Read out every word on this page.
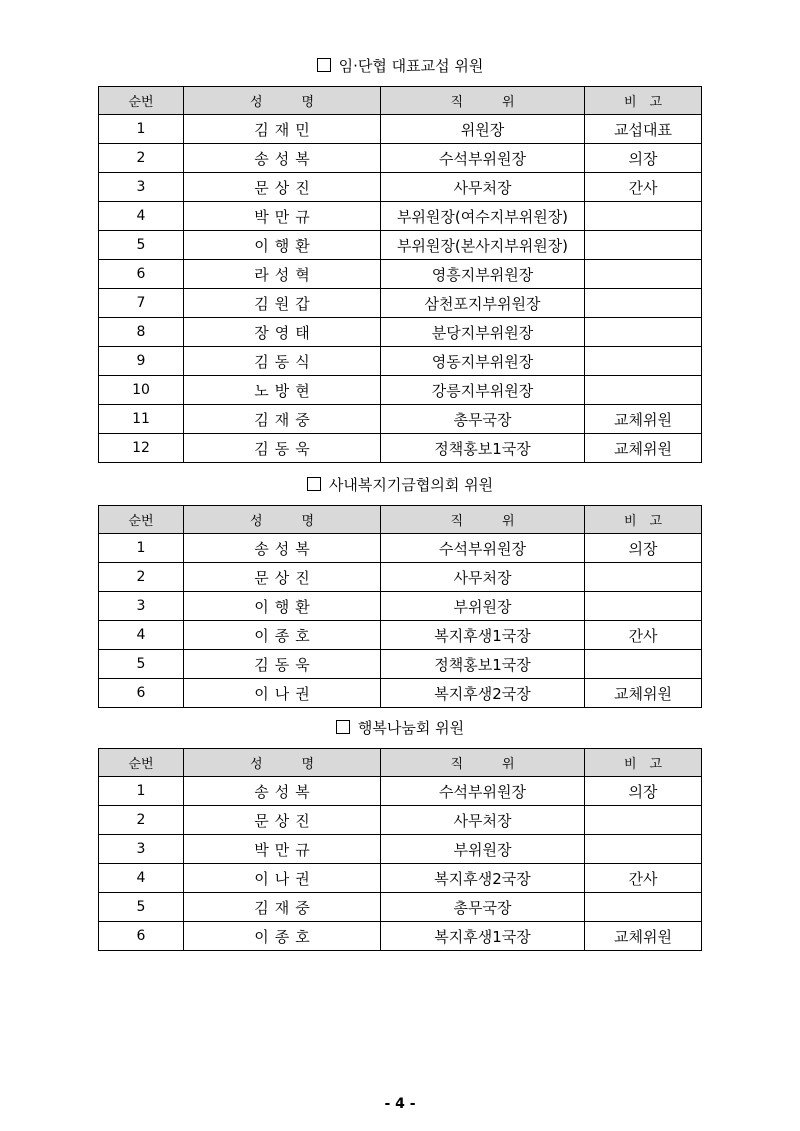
임·단협 대표교섭 위원
순번	성　　　명	직　　　위	비　고
1	김재민	위원장	교섭대표
2	송성복	수석부위원장	의장
3	문상진	사무처장	간사
4	박만규	부위원장(여수지부위원장)	
5	이행환	부위원장(본사지부위원장)	
6	라성혁	영흥지부위원장	
7	김원갑	삼천포지부위원장	
8	장영태	분당지부위원장	
9	김동식	영동지부위원장	
10	노방현	강릉지부위원장	
11	김재중	총무국장	교체위원
12	김동욱	정책홍보1국장	교체위원
사내복지기금협의회 위원
순번	성　　　명	직　　　위	비　고
1	송성복	수석부위원장	의장
2	문상진	사무처장	
3	이행환	부위원장	
4	이종호	복지후생1국장	간사
5	김동욱	정책홍보1국장	
6	이나권	복지후생2국장	교체위원
행복나눔회 위원
순번	성　　　명	직　　　위	비　고
1	송성복	수석부위원장	의장
2	문상진	사무처장	
3	박만규	부위원장	
4	이나권	복지후생2국장	간사
5	김재중	총무국장	
6	이종호	복지후생1국장	교체위원
- 4 -
